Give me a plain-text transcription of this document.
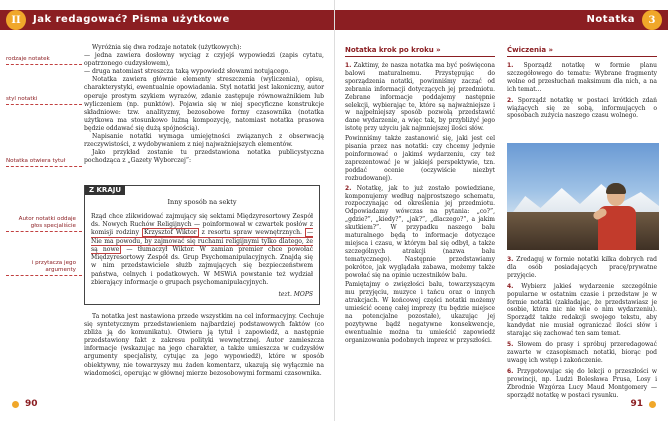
Jak redagować? Pisma użytkowe
II
rodzaje notatek
styl notatki
Notatka otwiera tytuł
Autor notatki oddaje głos specjaliście
i przytacza jego argumenty

Wyróżnia się dwa rodzaje notatek (użytkowych):

— jedna zawiera dosłowny wyciąg z czyjejś wypowiedzi (zapis cytatu, opatrzonego cudzysłowem),

— druga natomiast streszcza taką wypowiedź słowami notującego.

Notatka zawiera głównie elementy streszczenia (wyliczenia), opisu, charakterystyki, ewentualnie opowiadania. Styl notatki jest lakoniczny, autor operuje prostym szykiem wyrazów, zdanie zastępuje równoważnikiem lub wyliczeniem (np. punktów). Pojawia się w niej specyficzne konstrukcje składniowe: tzw. analityzmy, bezosobowe formy czasownika (notatka użytkowa ma stosunkowo luźną kompozycję, natomiast notatka prasowa będzie oddawać się dużą spójnością).

Napisanie notatki wymaga umiejętności związanych z obserwacją rzeczywistości, z wydobywaniem z niej najważniejszych elementów.

Jako przykład zostanie tu przedstawiona notatka publicystyczna pochodząca z „Gazety Wyborczej”:

Z KRAJU
Inny sposób na sekty
Rząd chce zlikwidować zajmujący się sektami Międzyresortowy Zespół ds. Nowych Ruchów Religijnych — poinformował w czwartek posłów z komisji rodziny Krzysztof Wiktor z resortu spraw wewnętrznych. — Nie ma powodu, by zajmować się ruchami religijnymi tylko dlatego, że są nowe — tłumaczył Wiktor. W zamian premier chce powołać Międzyresortowy Zespół ds. Grup Psychomanipulacyjnych. Znajdą się w nim przedstawiciele służb zajmujących się bezpieczeństwem państwa, celnych i podatkowych. W MSWiA powstanie też wydział zbierający informacje o grupach psychomanipulacyjnych.
tezt. MOPS
Ta notatka jest nastawiona przede wszystkim na cel informacyjny. Cechuje się syntetycznym przedstawieniem najbardziej podstawowych faktów (co zbliża ją do komunikatu). Otwiera ją tytuł i zapowiedź, a następnie przedstawiony fakt z zakresu polityki wewnętrznej. Autor zamieszcza informacje (wskazując na jego charakter, a także umieszcza w cudzysłów argumenty specjalisty, cytując za jego wypowiedź), które w sposób obiektywny, nie towarzyszy mu żaden komentarz, ukazują się wyłącznie na wiadomości, operując w głównej mierze bezosobowymi formami czasownika.
90
Notatka	3
Notatka krok po kroku »	Ćwiczenia »

1. Zaktimy, że nasza notatka ma być poświęcona balowi maturalnemu. Przystępując do sporządzenia notatki, powinniśmy zacząć od zebrania informacji dotyczących jej przedmiotu. Zebrane informacje poddajemy następnie selekcji, wybierając te, które są najważniejsze i w najpełniejszy sposób pozwolą przedstawić dane wydarzenie, a więc tak, by przybliżyć jego istotę przy użyciu jak najmniejszej ilości słów.

Powinniśmy także zastanowić się, jaki jest cel pisania przez nas notatki: czy chcemy jedynie poinformować o jakimś wydarzeniu, czy też zaprezentować je w jakiejś perspektywie, tzn. poddać ocenie (oczywiście niezbyt rozbudowanej).

2. Notatkę, jak to już zostało powiedziane, komponujemy według najprostszego schematu, rozpoczynając od określenia jej przedmiotu. Odpowiadamy wówczas na pytania: „co?”, „gdzie?”, „kiedy?”, „jak?”, „dlaczego?”, a jakim skutkiem?”. W przypadku naszego balu maturalnego będą to informacje dotyczące miejsca i czasu, w którym bal się odbył, a także szczególnych atrakcji (nazwa balu tematycznego). Następnie przedstawiamy pokrótce, jak wyglądała zabawa, możemy także powołać się na opinie uczestników balu.

Pamiętajmy o zwięzłości balu, towarzyszącym mu przyjęciu, muzyce i tańcu oraz o innych atrakcjach. W końcowej części notatki możemy umieścić ocenę całej imprezy (tu będzie miejsce na potencjalne pozostałe), ukazując jej pozytywne bądź negatywne konsekwencje, ewentualnie można tu umieścić zapowiedź organizowania podobnych imprez w przyszłości.

1. Sporządź notatkę w formie planu szczegółowego do tematu: Wybrane fragmenty wolne od przesłuchań maksimum dla nich, a na ich temat...

2. Sporządź notatkę w postaci krótkich zdań wiążących się ze sobą, informujących o sposobach zużycia naszego czasu wolnego.

3. Zredaguj w formie notatki kilka dobrych rad dla osób posiadających pracę/prywatne przyjęcie.

4. Wybierz jakieś wydarzenie szczególnie popularne w ostatnim czasie i przedstaw je w formie notatki (zakładając, że przedstawiasz je osobie, która nic nie wie o nim wydarzeniu). Sporządź także redakcji swojego tekstu, aby kandydat nie musiał ograniczać ilości słów i starając się zachować ten sam temat.

5. Słowem do prasy i spróbuj przeredagować zawarte w czasopismach notatki, biorąc pod uwagę ich wstęp i zakończenie.

6. Przygotowując się do lekcji o przeszłości w prowincji, np. Ludzi Bolesława Prusa, Losy i Zbrodnie Wzgórza Lucy Maud Montgomery — sporządź notatkę w postaci rysunku.

91
